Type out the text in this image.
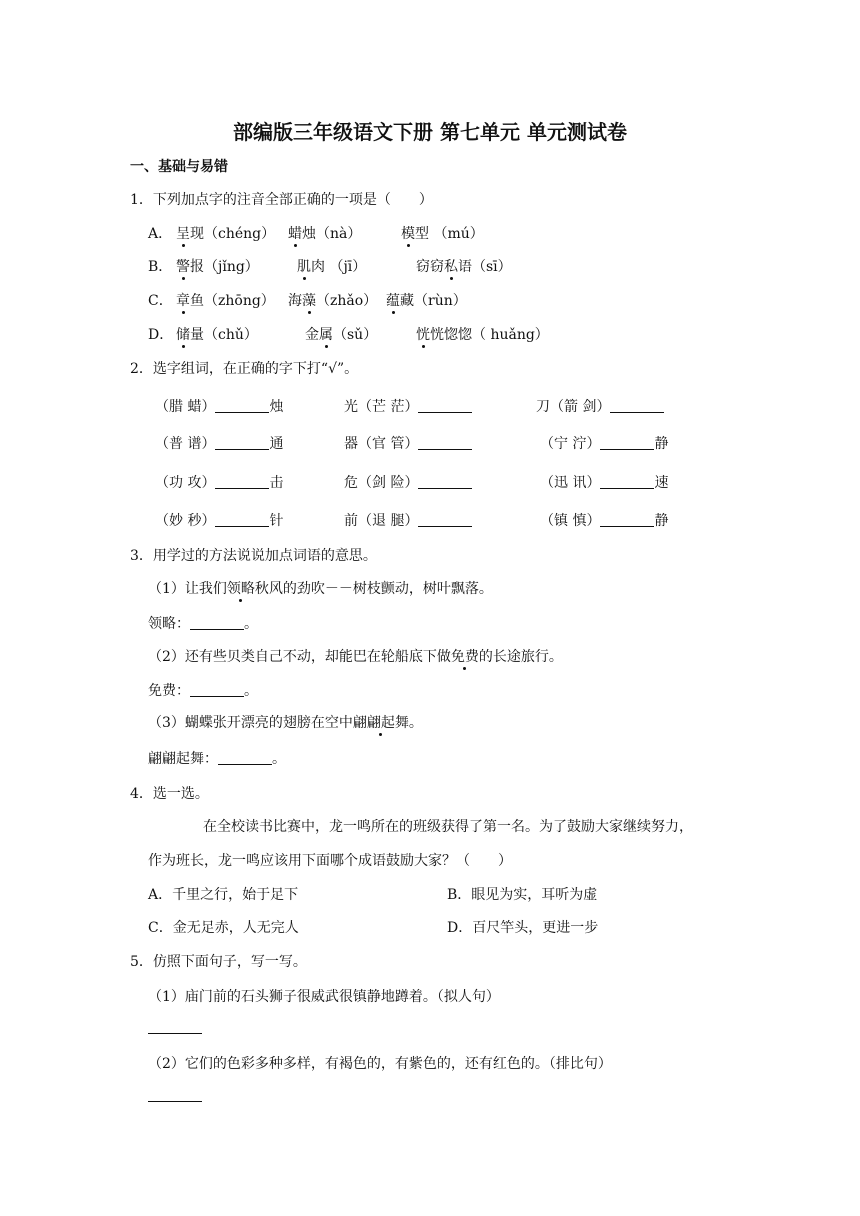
部编版三年级语文下册 第七单元 单元测试卷
一、基础与易错
1．下列加点字的注音全部正确的一项是（　　）
A． 呈现（chéng） 蜡烛（nà）	模型 （mú）
B． 警报（jǐng）	肌肉 （jī）	窃窃私语（sī）
C． 章鱼（zhōng） 海藻（zhǎo） 蕴藏（rùn）
D． 储量（chǔ）	金属（sǔ）	恍恍惚惚（ huǎng）
2．选字组词，在正确的字下打“√”。
（腊 蜡）	烛	光（芒 茫）	刀（箭 剑）
（普 谱）	通	器（官 管）	（宁 泞）	静
（功 攻）	击	危（剑 险）	（迅 讯）	速
（妙 秒）	针	前（退 腿）	（镇 慎）	静
3．用学过的方法说说加点词语的意思。
（1）让我们领略秋风的劲吹－－树枝颤动，树叶飘落。
领略：	。
（2）还有些贝类自己不动，却能巴在轮船底下做免费的长途旅行。
免费：	。
（3）蝴蝶张开漂亮的翅膀在空中翩翩起舞。
翩翩起舞：	。
4．选一选。
在全校读书比赛中，龙一鸣所在的班级获得了第一名。为了鼓励大家继续努力，
作为班长，龙一鸣应该用下面哪个成语鼓励大家？（　　）
A．千里之行，始于足下	B．眼见为实，耳听为虚
C．金无足赤，人无完人	D．百尺竿头，更进一步
5．仿照下面句子，写一写。
（1）庙门前的石头狮子很威武很镇静地蹲着。（拟人句）
（2）它们的色彩多种多样，有褐色的，有紫色的，还有红色的。（排比句）
